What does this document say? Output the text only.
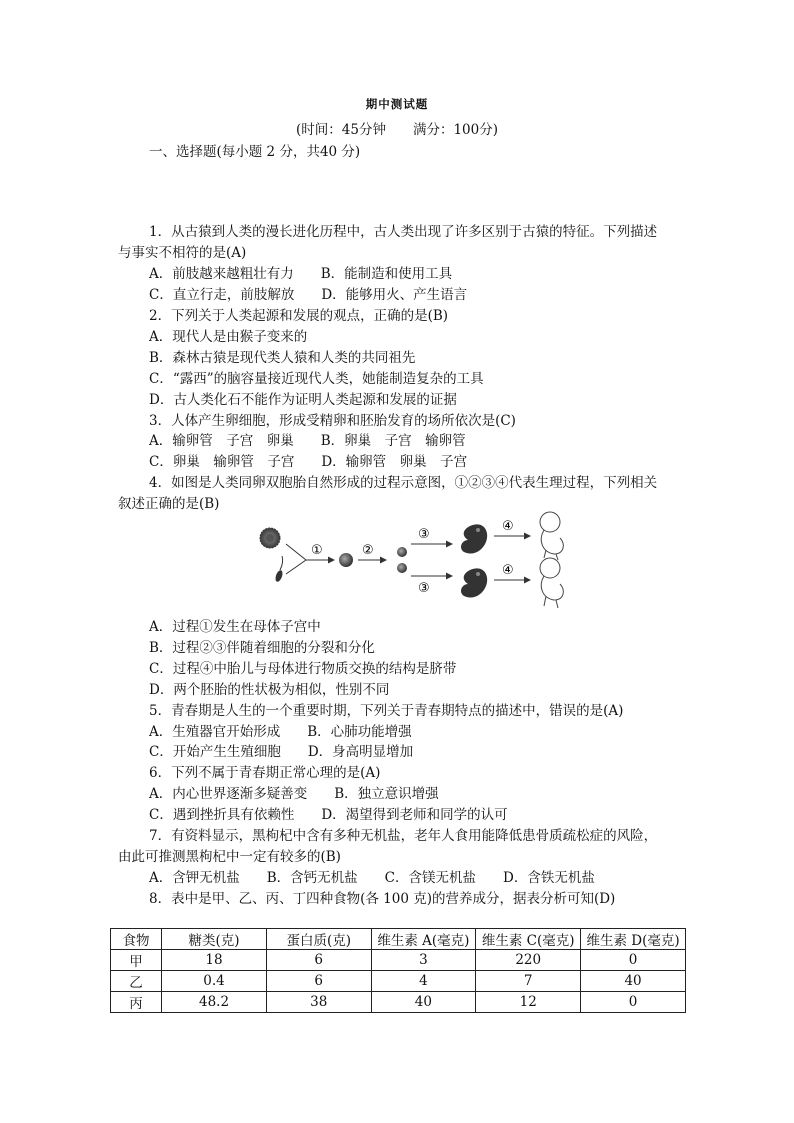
期中测试题
(时间：45分钟　　满分：100分)
一、选择题(每小题 2 分，共40 分)
1．从古猿到人类的漫长进化历程中，古人类出现了许多区别于古猿的特征。下列描述
与事实不相符的是(A)
A．前肢越来越粗壮有力　　B．能制造和使用工具
C．直立行走，前肢解放　　D．能够用火、产生语言
2．下列关于人类起源和发展的观点，正确的是(B)
A．现代人是由猴子变来的
B．森林古猿是现代类人猿和人类的共同祖先
C．“露西”的脑容量接近现代人类，她能制造复杂的工具
D．古人类化石不能作为证明人类起源和发展的证据
3．人体产生卵细胞，形成受精卵和胚胎发育的场所依次是(C)
A．输卵管　子宫　卵巢　　B．卵巢　子宫　输卵管
C．卵巢　输卵管　子宫　　D．输卵管　卵巢　子宫
4．如图是人类同卵双胞胎自然形成的过程示意图，①②③④代表生理过程，下列相关
叙述正确的是(B)
①	②
③
③
④
④
A．过程①发生在母体子宫中
B．过程②③伴随着细胞的分裂和分化
C．过程④中胎儿与母体进行物质交换的结构是脐带
D．两个胚胎的性状极为相似，性别不同
5．青春期是人生的一个重要时期，下列关于青春期特点的描述中，错误的是(A)
A．生殖器官开始形成　　B．心肺功能增强
C．开始产生生殖细胞　　D．身高明显增加
6．下列不属于青春期正常心理的是(A)
A．内心世界逐渐多疑善变　　B．独立意识增强
C．遇到挫折具有依赖性　　D．渴望得到老师和同学的认可
7．有资料显示，黑枸杞中含有多种无机盐，老年人食用能降低患骨质疏松症的风险，
由此可推测黑枸杞中一定有较多的(B)
A．含钾无机盐　　B．含钙无机盐　　C．含镁无机盐　　D．含铁无机盐
8．表中是甲、乙、丙、丁四种食物(各 100 克)的营养成分，据表分析可知(D)
食物	糖类(克)	蛋白质(克)	维生素 A(毫克)	维生素 C(毫克)	维生素 D(毫克)
甲	18	6	3	220	0
乙	0.4	6	4	7	40
丙	48.2	38	40	12	0
